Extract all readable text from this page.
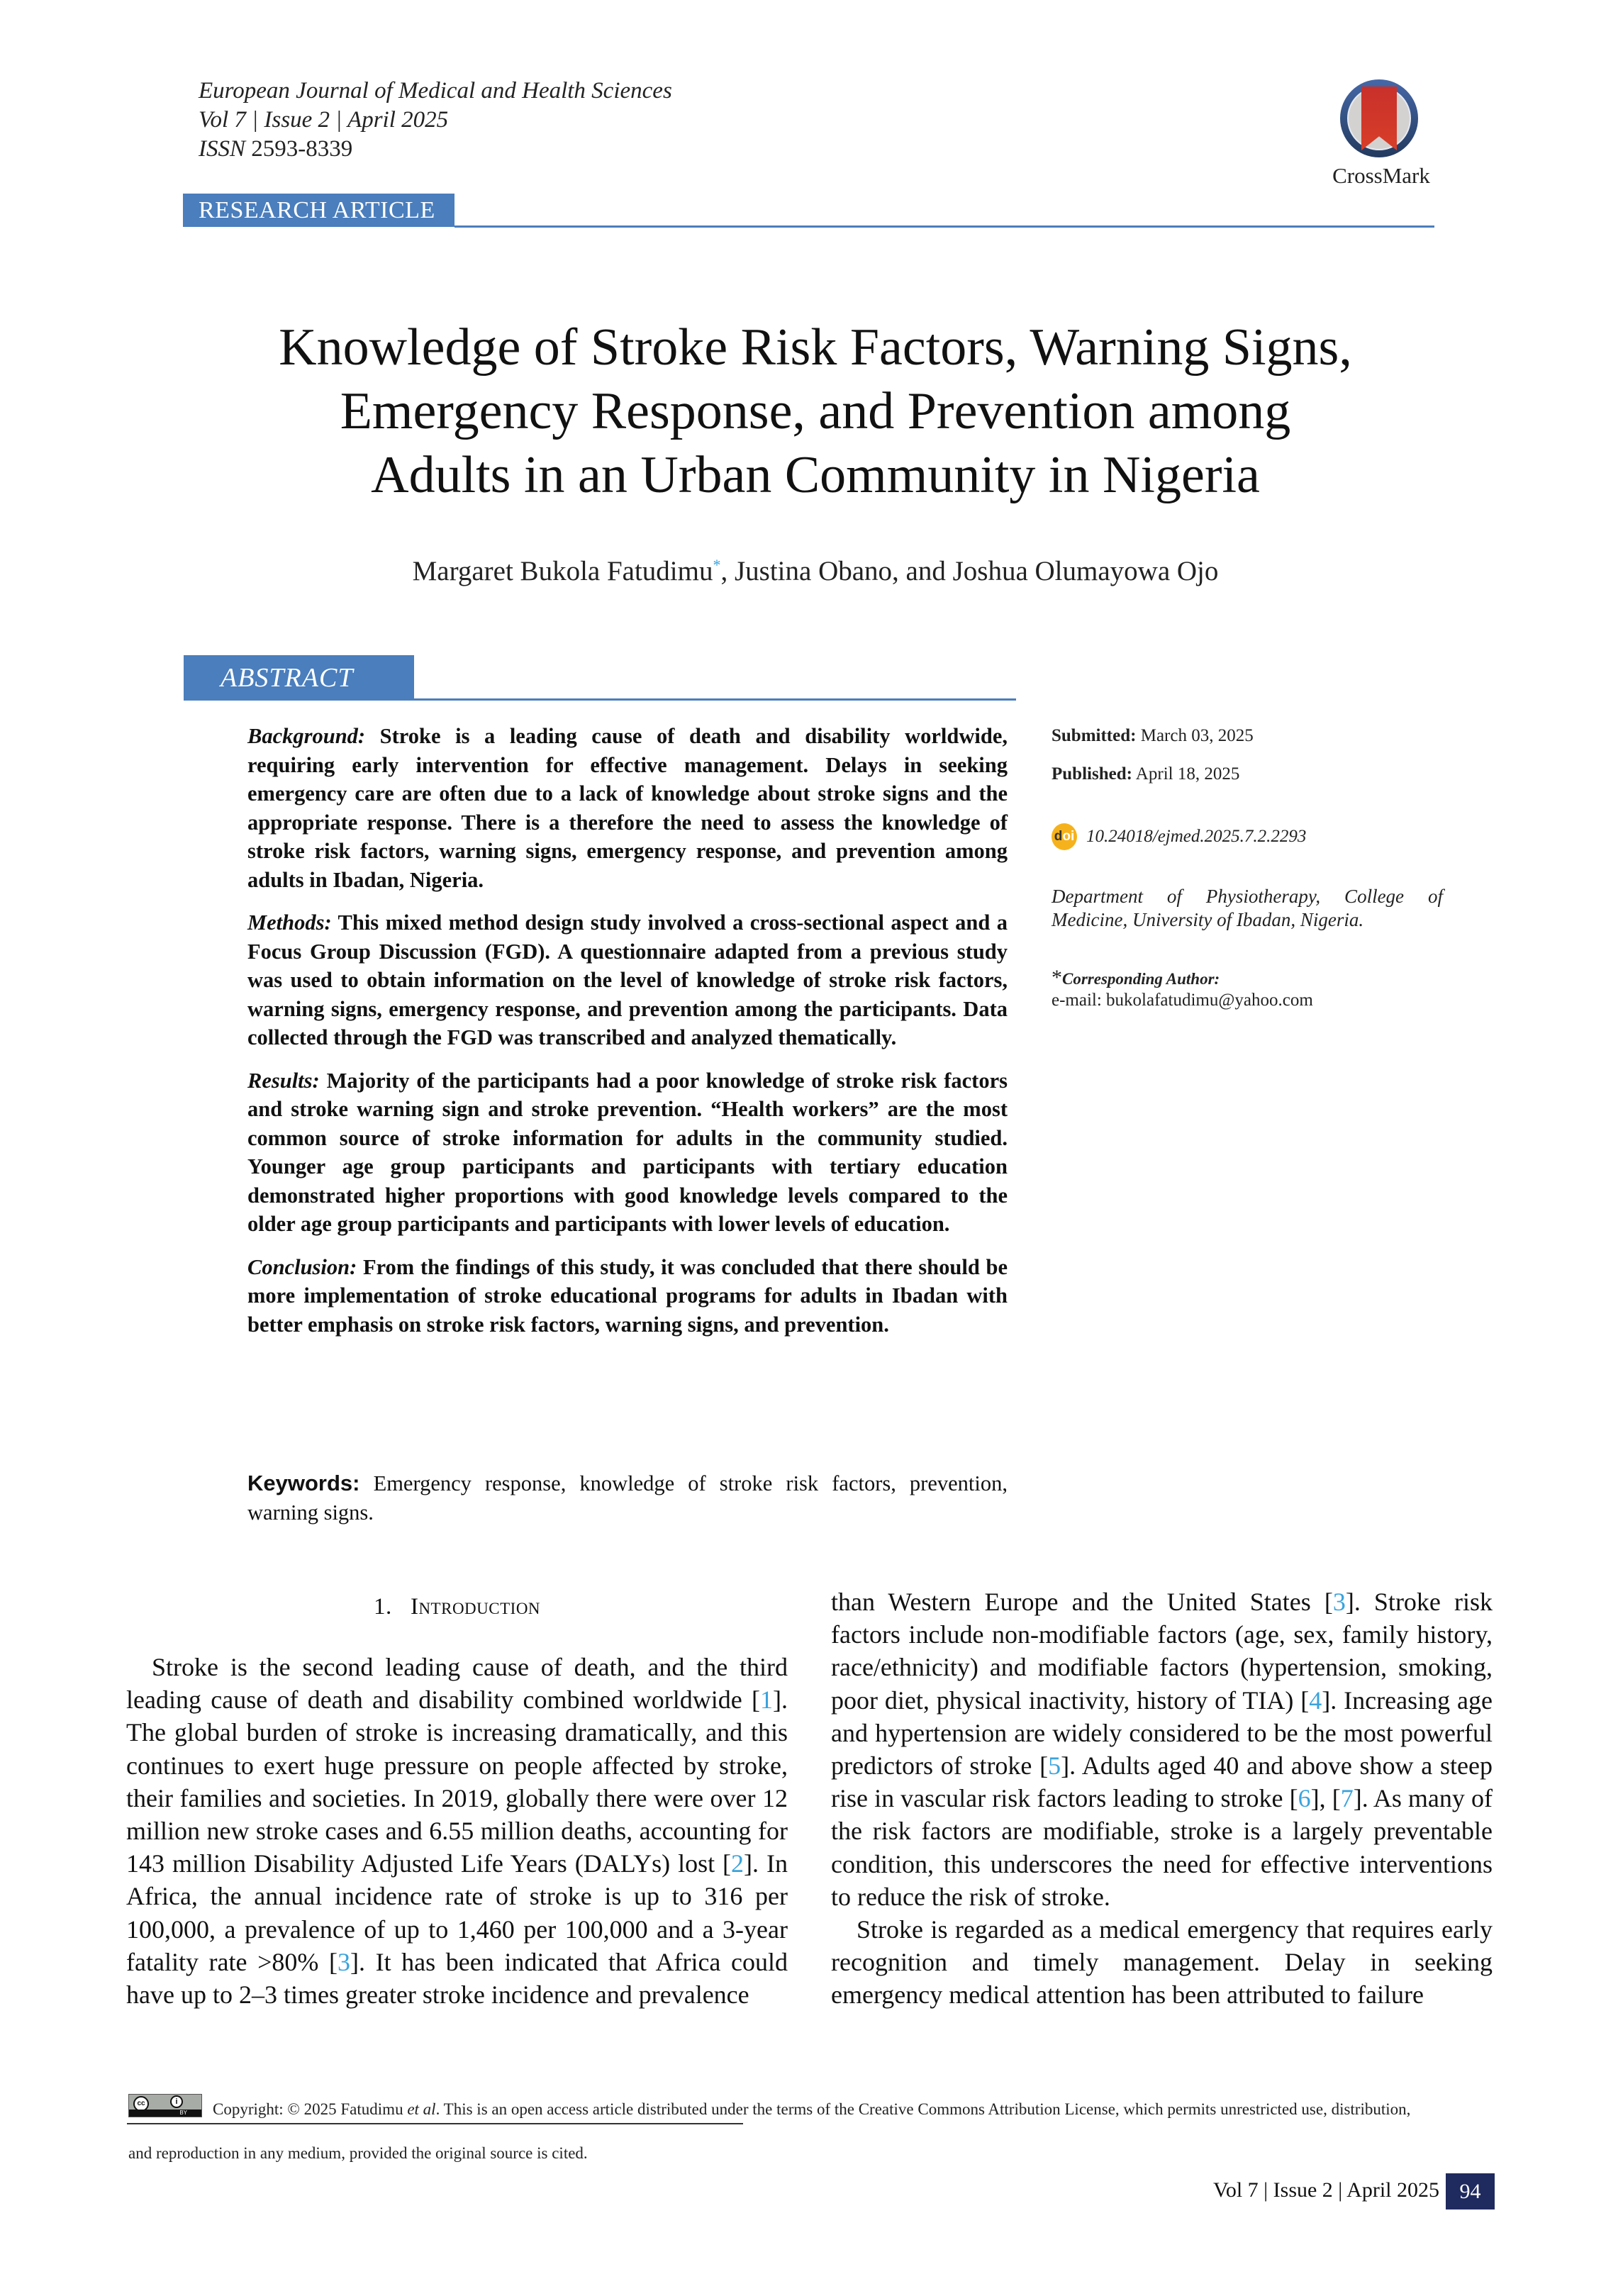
European Journal of Medical and Health Sciences
Vol 7 | Issue 2 | April 2025
ISSN 2593-8339
CrossMark
RESEARCH ARTICLE
Knowledge of Stroke Risk Factors, Warning Signs,
Emergency Response, and Prevention among
Adults in an Urban Community in Nigeria
Margaret Bukola Fatudimu*, Justina Obano, and Joshua Olumayowa Ojo
ABSTRACT

Background: Stroke is a leading cause of death and disability worldwide, requiring early intervention for effective management. Delays in seeking emergency care are often due to a lack of knowledge about stroke signs and the appropriate response. There is a therefore the need to assess the knowledge of stroke risk factors, warning signs, emergency response, and prevention among adults in Ibadan, Nigeria.

Methods: This mixed method design study involved a cross-sectional aspect and a Focus Group Discussion (FGD). A questionnaire adapted from a previous study was used to obtain information on the level of knowledge of stroke risk factors, warning signs, emergency response, and prevention among the participants. Data collected through the FGD was transcribed and analyzed thematically.

Results: Majority of the participants had a poor knowledge of stroke risk factors and stroke warning sign and stroke prevention. “Health workers” are the most common source of stroke information for adults in the community studied. Younger age group participants and participants with tertiary education demonstrated higher proportions with good knowledge levels compared to the older age group participants and participants with lower levels of education.

Conclusion: From the findings of this study, it was concluded that there should be more implementation of stroke educational programs for adults in Ibadan with better emphasis on stroke risk factors, warning signs, and prevention.

Keywords: Emergency response, knowledge of stroke risk factors, prevention, warning signs.
Submitted: March 03, 2025
Published: April 18, 2025
d oi 10.24018/ejmed.2025.7.2.2293
Department of Physiotherapy, College of Medicine, University of Ibadan, Nigeria.
*Corresponding Author:
e-mail: bukolafatudimu@yahoo.com
1. Introduction

Stroke is the second leading cause of death, and the third leading cause of death and disability combined worldwide [1]. The global burden of stroke is increasing dramatically, and this continues to exert huge pressure on people affected by stroke, their families and societies. In 2019, globally there were over 12 million new stroke cases and 6.55 million deaths, accounting for 143 million Disability Adjusted Life Years (DALYs) lost [2]. In Africa, the annual incidence rate of stroke is up to 316 per 100,000, a prevalence of up to 1,460 per 100,000 and a 3-year fatality rate >80% [3]. It has been indicated that Africa could have up to 2–3 times greater stroke incidence and prevalence

than Western Europe and the United States [3]. Stroke risk factors include non-modifiable factors (age, sex, family history, race/ethnicity) and modifiable factors (hypertension, smoking, poor diet, physical inactivity, history of TIA) [4]. Increasing age and hypertension are widely considered to be the most powerful predictors of stroke [5]. Adults aged 40 and above show a steep rise in vascular risk factors leading to stroke [6], [7]. As many of the risk factors are modifiable, stroke is a largely preventable condition, this underscores the need for effective interventions to reduce the risk of stroke.

Stroke is regarded as a medical emergency that requires early recognition and timely management. Delay in seeking emergency medical attention has been attributed to failure

cc	i
BY Copyright: © 2025 Fatudimu et al. This is an open access article distributed under the terms of the Creative Commons Attribution License, which permits unrestricted use, distribution,
and reproduction in any medium, provided the original source is cited.
Vol 7 | Issue 2 | April 2025 94
